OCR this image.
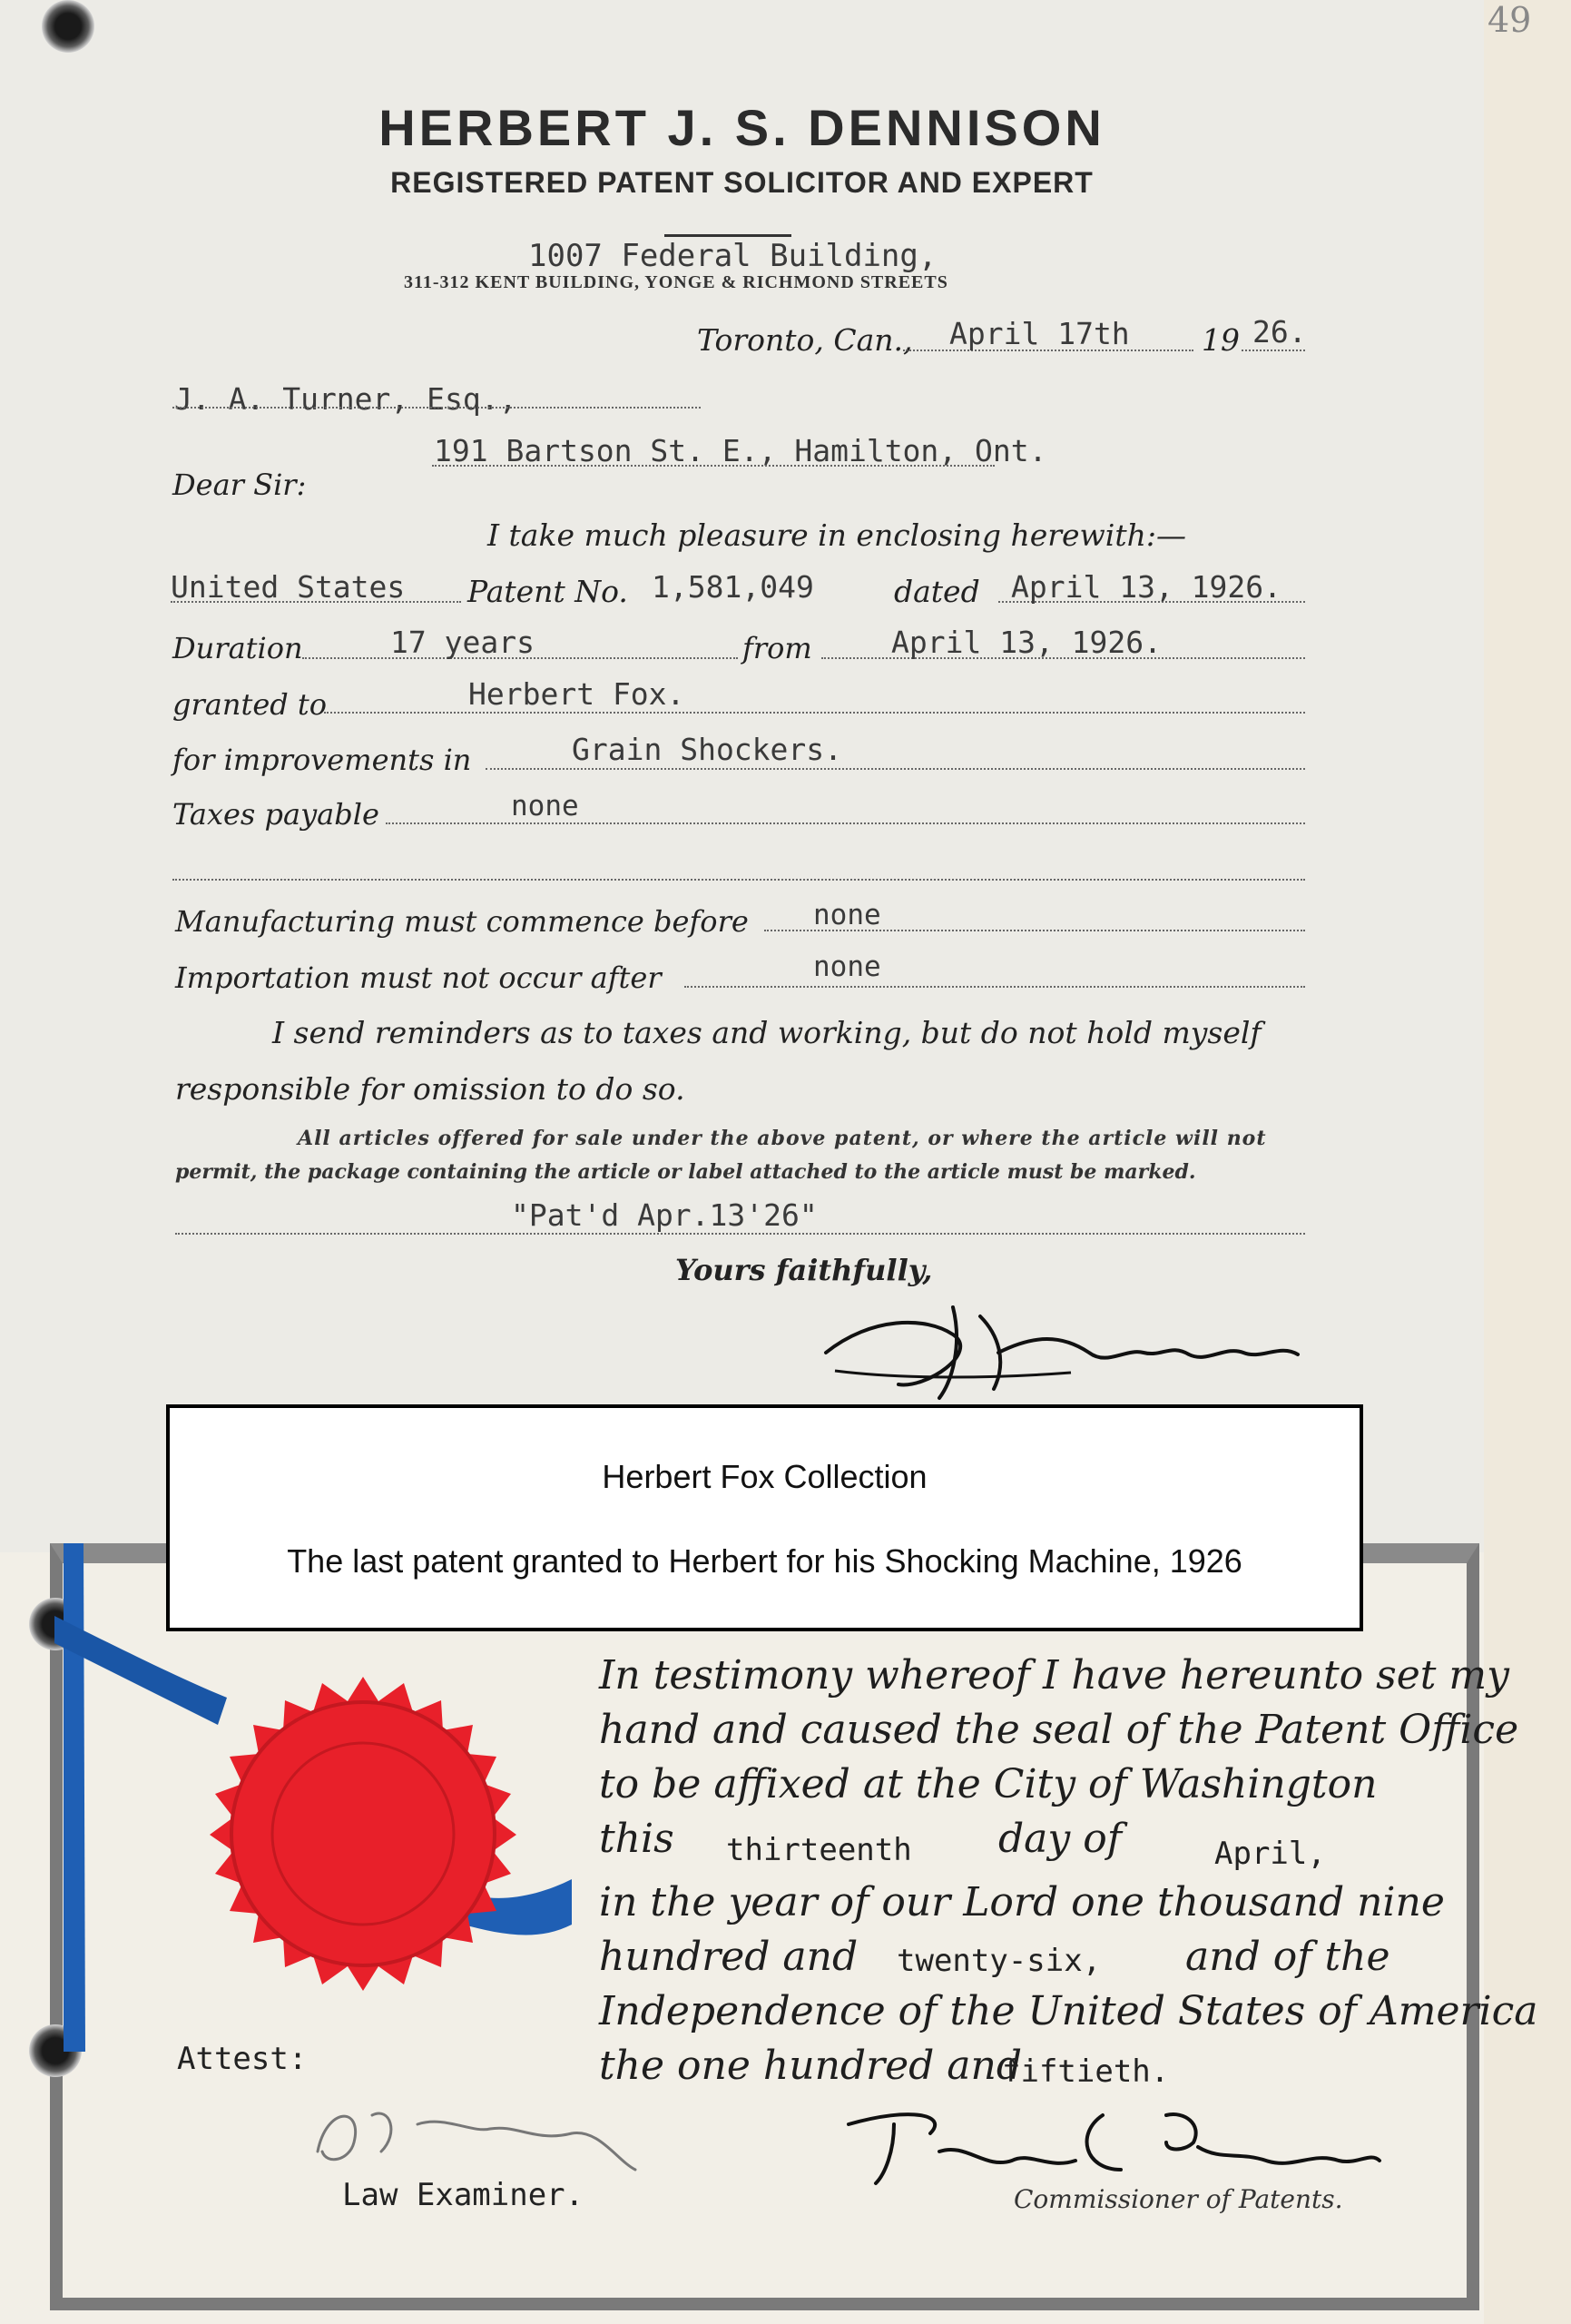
HERBERT J. S. DENNISON
REGISTERED PATENT SOLICITOR AND EXPERT
1007 Federal Building,
311-312 KENT BUILDING, YONGE & RICHMOND STREETS
Toronto, Can., April 17th 19 26.
J. A. Turner, Esq.,
191 Bartson St. E., Hamilton, Ont.
Dear Sir:
I take much pleasure in enclosing herewith:—
United States Patent No. 1,581,049	dated April 13, 1926.
Duration	17 years	from	April 13, 1926.
granted to	Herbert Fox.
for improvements in	Grain Shockers.
Taxes payable	none
Manufacturing must commence before none
Importation must not occur after	none
I send reminders as to taxes and working, but do not hold myself
responsible for omission to do so.
All articles offered for sale under the above patent, or where the article will not
permit, the package containing the article or label attached to the article must be marked.
"Pat'd Apr.13'26"
Yours faithfully,
49
In testimony whereof I have hereunto set my
hand and caused the seal of the Patent Office
to be affixed at the City of Washington
this thirteenth day of	April,
in the year of our Lord one thousand nine
hundred and twenty-six, and of the
Independence of the United States of America
the one hundred and
fiftieth.
Attest:
Law Examiner.	Commissioner of Patents.
Herbert Fox Collection
The last patent granted to Herbert for his Shocking Machine, 1926
